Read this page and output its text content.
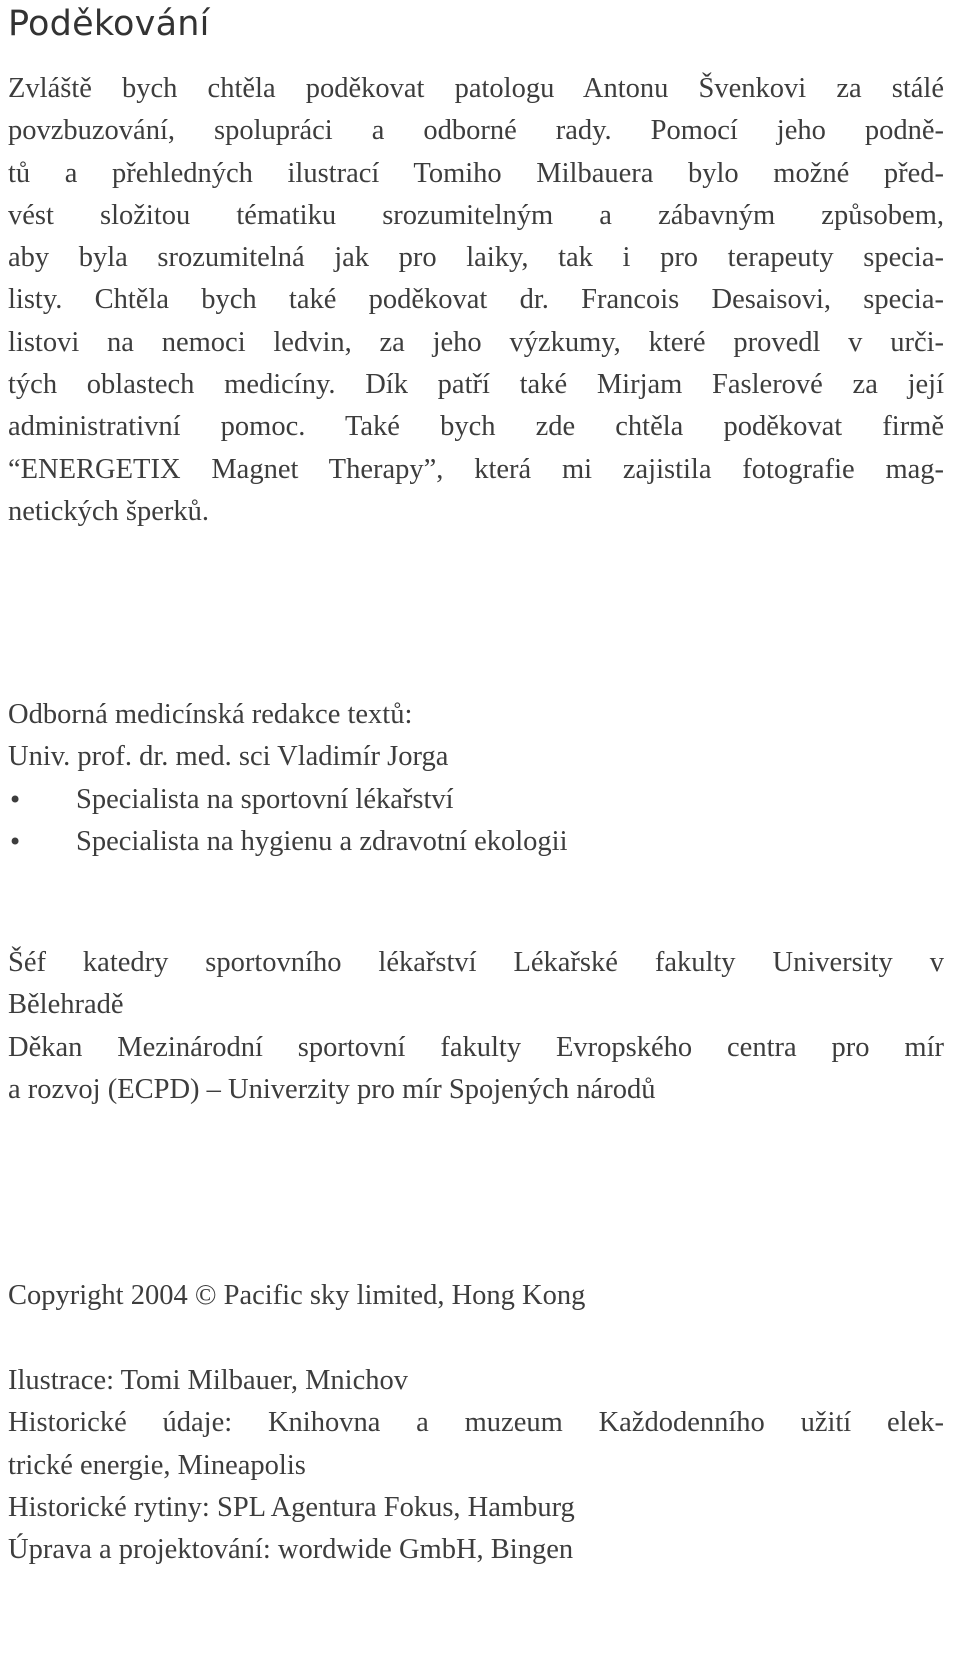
Poděkování
Zvláště bych chtěla poděkovat patologu Antonu Švenkovi za stálé
povzbuzování, spolupráci a odborné rady. Pomocí jeho podně-
tů a přehledných ilustrací Tomiho Milbauera bylo možné před-
vést složitou tématiku srozumitelným a zábavným způsobem,
aby byla srozumitelná jak pro laiky, tak i pro terapeuty specia-
listy. Chtěla bych také poděkovat dr. Francois Desaisovi, specia-
listovi na nemoci ledvin, za jeho výzkumy, které provedl v urči-
tých oblastech medicíny. Dík patří také Mirjam Faslerové za její
administrativní pomoc. Také bych zde chtěla poděkovat firmě
“ENERGETIX Magnet Therapy”, která mi zajistila fotografie mag-
netických šperků.
Odborná medicínská redakce textů:
Univ. prof. dr. med. sci Vladimír Jorga
• Specialista na sportovní lékařství
• Specialista na hygienu a zdravotní ekologii
Šéf katedry sportovního lékařství Lékařské fakulty University v
Bělehradě
Děkan Mezinárodní sportovní fakulty Evropského centra pro mír
a rozvoj (ECPD) – Univerzity pro mír Spojených národů
Copyright 2004 © Pacific sky limited, Hong Kong
Ilustrace: Tomi Milbauer, Mnichov
Historické údaje: Knihovna a muzeum Každodenního užití elek-
trické energie, Mineapolis
Historické rytiny: SPL Agentura Fokus, Hamburg
Úprava a projektování: wordwide GmbH, Bingen
